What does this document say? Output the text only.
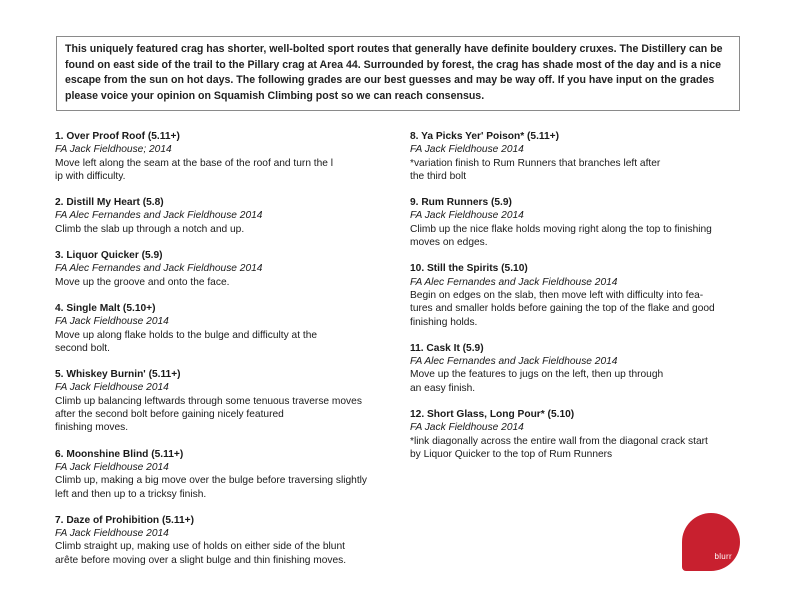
This uniquely featured crag has shorter, well-bolted sport routes that generally have definite bouldery cruxes. The Distillery can be found on east side of the trail to the Pillary crag at Area 44. Surrounded by forest, the crag has shade most of the day and is a nice escape from the sun on hot days. The following grades are our best guesses and may be way off. If you have input on the grades please voice your opinion on Squamish Climbing post so we can reach consensus.
1. Over Proof Roof (5.11+)
FA Jack Fieldhouse; 2014
Move left along the seam at the base of the roof and turn the l
ip with difficulty.
2. Distill My Heart (5.8)
FA Alec Fernandes and Jack Fieldhouse 2014
Climb the slab up through a notch and up.
3. Liquor Quicker (5.9)
FA Alec Fernandes and Jack Fieldhouse 2014
Move up the groove and onto the face.
4. Single Malt (5.10+)
FA Jack Fieldhouse 2014
Move up along flake holds to the bulge and difficulty at the
second bolt.
5. Whiskey Burnin' (5.11+)
FA Jack Fieldhouse 2014
Climb up balancing leftwards through some tenuous traverse moves
after the second bolt before gaining nicely featured
finishing moves.
6. Moonshine Blind (5.11+)
FA Jack Fieldhouse 2014
Climb up, making a big move over the bulge before traversing slightly
left and then up to a tricksy finish.
7. Daze of Prohibition (5.11+)
FA Jack Fieldhouse 2014
Climb straight up, making use of holds on either side of the blunt
arête before moving over a slight bulge and thin finishing moves.
8. Ya Picks Yer' Poison* (5.11+)
FA Jack Fieldhouse 2014
*variation finish to Rum Runners that branches left after
the third bolt
9. Rum Runners (5.9)
FA Jack Fieldhouse 2014
Climb up the nice flake holds moving right along the top to finishing
moves on edges.
10. Still the Spirits (5.10)
FA Alec Fernandes and Jack Fieldhouse 2014
Begin on edges on the slab, then move left with difficulty into fea-
tures and smaller holds before gaining the top of the flake and good
finishing holds.
11. Cask It (5.9)
FA Alec Fernandes and Jack Fieldhouse 2014
Move up the features to jugs on the left, then up through
an easy finish.
12. Short Glass, Long Pour* (5.10)
FA Jack Fieldhouse 2014
*link diagonally across the entire wall from the diagonal crack start
by Liquor Quicker to the top of Rum Runners
blurr
